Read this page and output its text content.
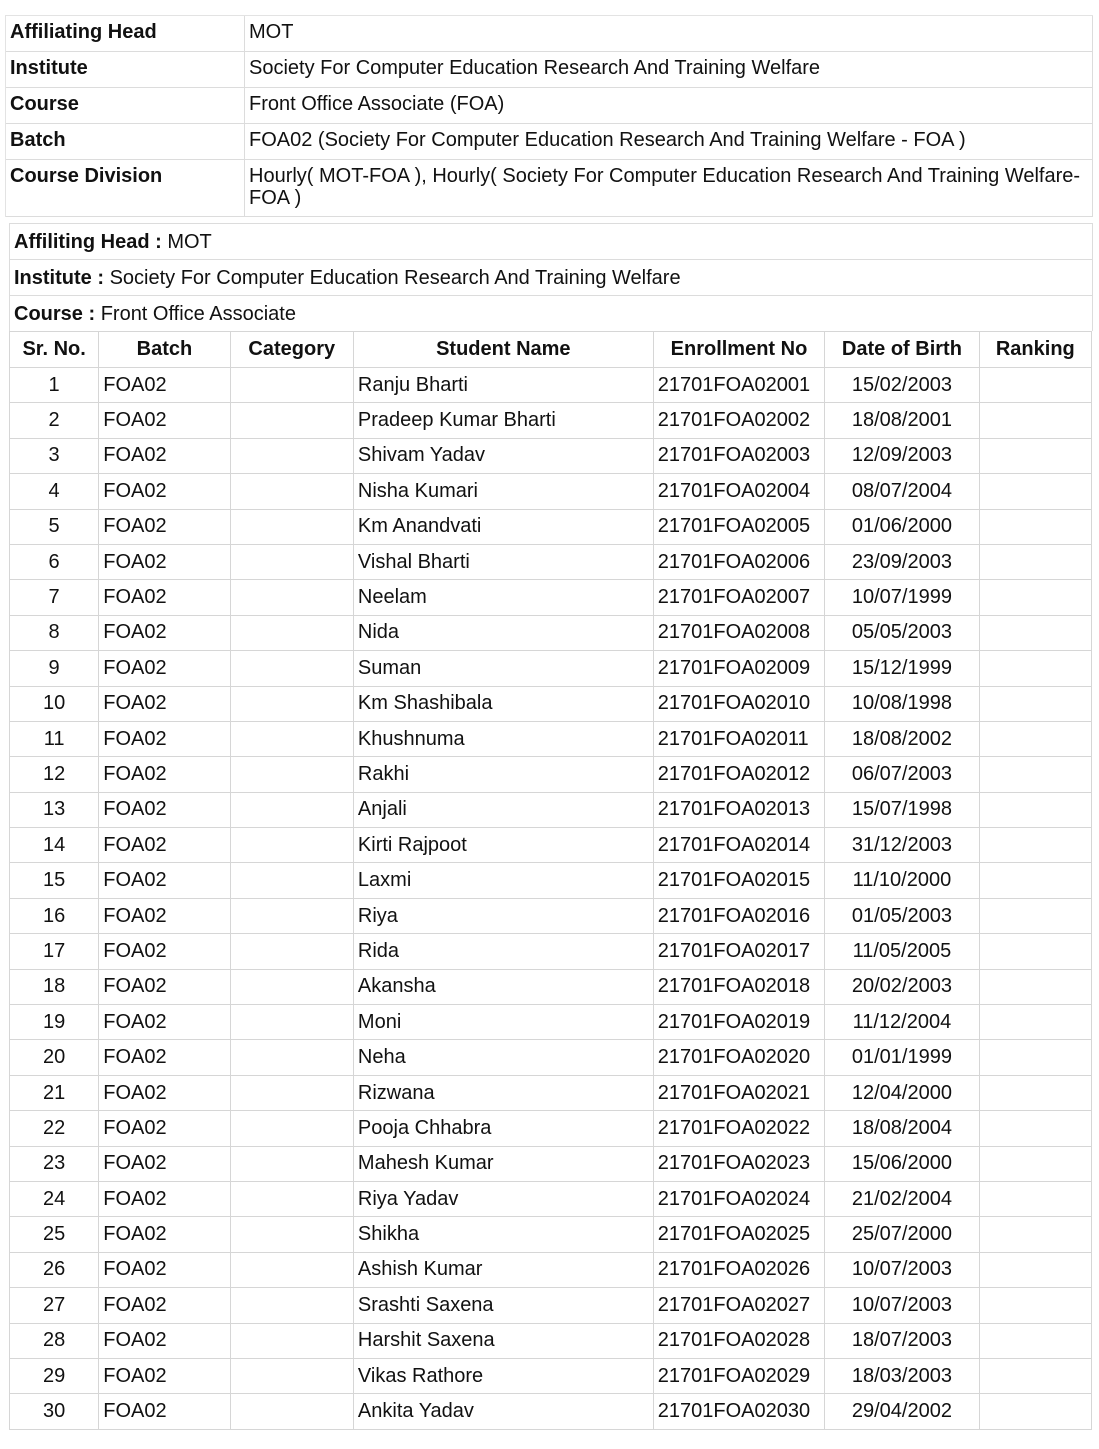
Affiliating Head	MOT
Institute	Society For Computer Education Research And Training Welfare
Course	Front Office Associate (FOA)
Batch	FOA02 (Society For Computer Education Research And Training Welfare - FOA )
Course Division	Hourly( MOT-FOA ), Hourly( Society For Computer Education Research And Training Welfare-FOA )
Affiliting Head : MOT
Institute : Society For Computer Education Research And Training Welfare
Course : Front Office Associate
Sr. No.	Batch	Category	Student Name	Enrollment No	Date of Birth	Ranking
1	FOA02		Ranju Bharti	21701FOA02001	15/02/2003	
2	FOA02		Pradeep Kumar Bharti	21701FOA02002	18/08/2001	
3	FOA02		Shivam Yadav	21701FOA02003	12/09/2003	
4	FOA02		Nisha Kumari	21701FOA02004	08/07/2004	
5	FOA02		Km Anandvati	21701FOA02005	01/06/2000	
6	FOA02		Vishal Bharti	21701FOA02006	23/09/2003	
7	FOA02		Neelam	21701FOA02007	10/07/1999	
8	FOA02		Nida	21701FOA02008	05/05/2003	
9	FOA02		Suman	21701FOA02009	15/12/1999	
10	FOA02		Km Shashibala	21701FOA02010	10/08/1998	
11	FOA02		Khushnuma	21701FOA02011	18/08/2002	
12	FOA02		Rakhi	21701FOA02012	06/07/2003	
13	FOA02		Anjali	21701FOA02013	15/07/1998	
14	FOA02		Kirti Rajpoot	21701FOA02014	31/12/2003	
15	FOA02		Laxmi	21701FOA02015	11/10/2000	
16	FOA02		Riya	21701FOA02016	01/05/2003	
17	FOA02		Rida	21701FOA02017	11/05/2005	
18	FOA02		Akansha	21701FOA02018	20/02/2003	
19	FOA02		Moni	21701FOA02019	11/12/2004	
20	FOA02		Neha	21701FOA02020	01/01/1999	
21	FOA02		Rizwana	21701FOA02021	12/04/2000	
22	FOA02		Pooja Chhabra	21701FOA02022	18/08/2004	
23	FOA02		Mahesh Kumar	21701FOA02023	15/06/2000	
24	FOA02		Riya Yadav	21701FOA02024	21/02/2004	
25	FOA02		Shikha	21701FOA02025	25/07/2000	
26	FOA02		Ashish Kumar	21701FOA02026	10/07/2003	
27	FOA02		Srashti Saxena	21701FOA02027	10/07/2003	
28	FOA02		Harshit Saxena	21701FOA02028	18/07/2003	
29	FOA02		Vikas Rathore	21701FOA02029	18/03/2003	
30	FOA02		Ankita Yadav	21701FOA02030	29/04/2002	
